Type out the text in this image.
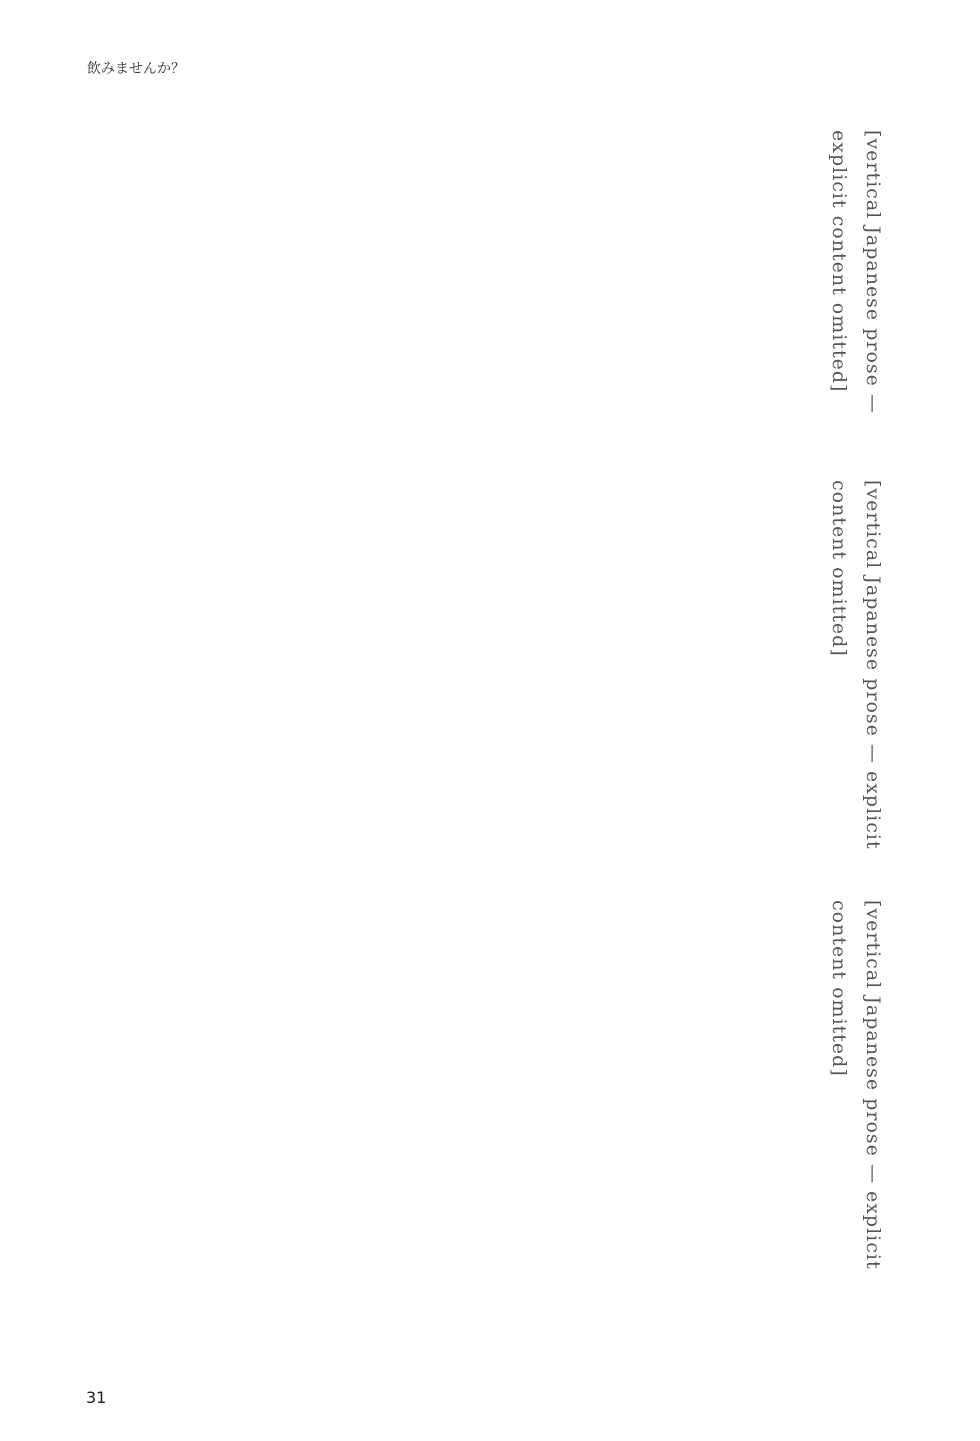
飲みませんか？
[vertical Japanese prose — explicit content omitted]
[vertical Japanese prose — explicit content omitted]
[vertical Japanese prose — explicit content omitted]
31
